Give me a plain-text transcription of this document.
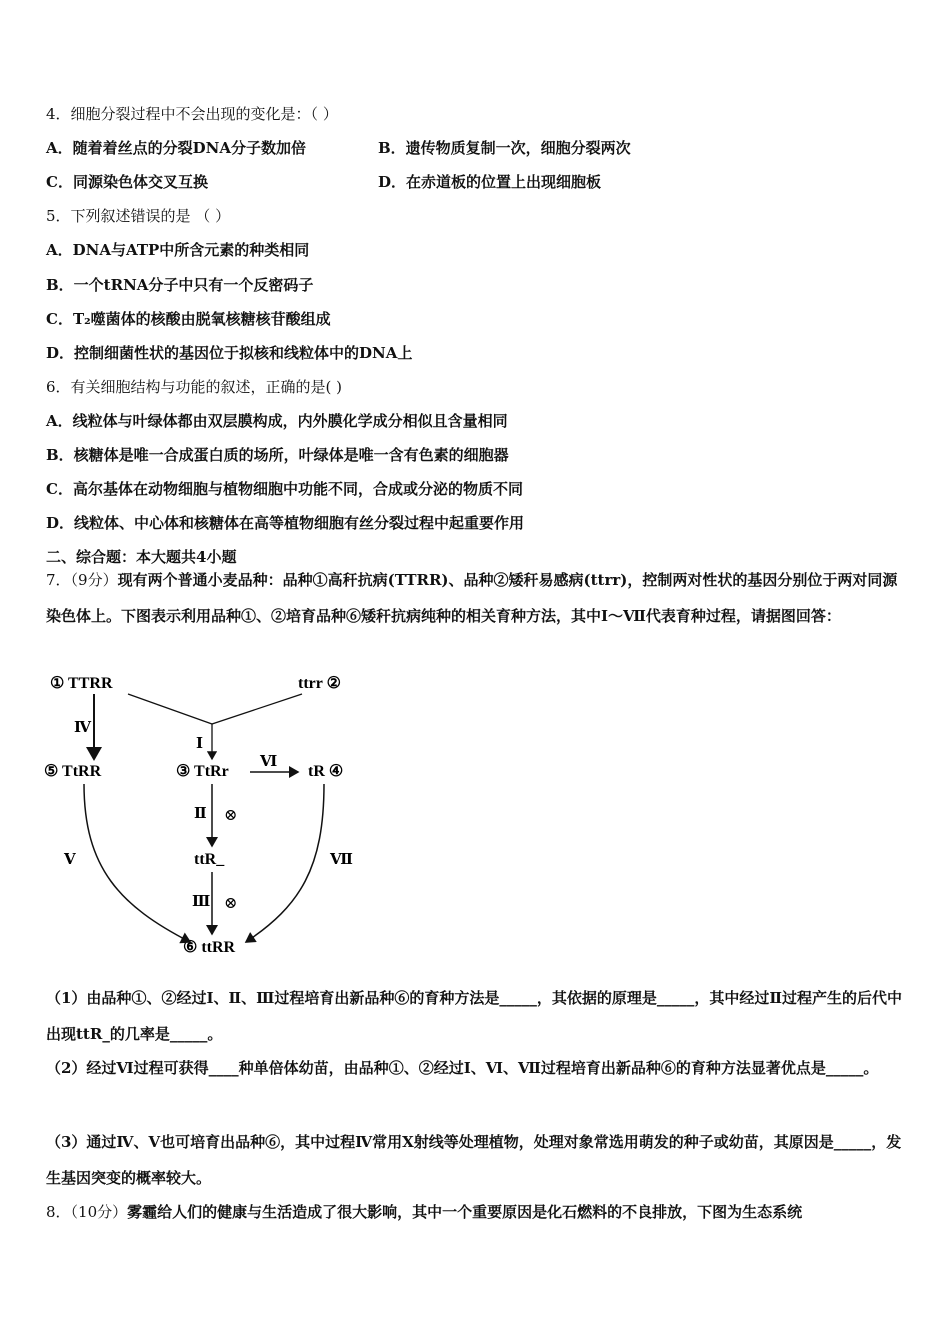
4．细胞分裂过程中不会出现的变化是：（ ）
A．随着着丝点的分裂DNA分子数加倍	B．遗传物质复制一次，细胞分裂两次
C．同源染色体交叉互换	D．在赤道板的位置上出现细胞板
5．下列叙述错误的是 （ ）
A．DNA与ATP中所含元素的种类相同
B．一个tRNA分子中只有一个反密码子
C．T₂噬菌体的核酸由脱氧核糖核苷酸组成
D．控制细菌性状的基因位于拟核和线粒体中的DNA上
6．有关细胞结构与功能的叙述，正确的是( )
A．线粒体与叶绿体都由双层膜构成，内外膜化学成分相似且含量相同
B．核糖体是唯一合成蛋白质的场所，叶绿体是唯一含有色素的细胞器
C．高尔基体在动物细胞与植物细胞中功能不同，合成或分泌的物质不同
D．线粒体、中心体和核糖体在高等植物细胞有丝分裂过程中起重要作用
二、综合题：本大题共4小题
7．（9分）现有两个普通小麦品种：品种①高秆抗病(TTRR)、品种②矮秆易感病(ttrr)，控制两对性状的基因分别位于两对同源染色体上。下图表示利用品种①、②培育品种⑥矮秆抗病纯种的相关育种方法，其中Ⅰ～Ⅶ代表育种过程，请据图回答：
① TTRR	ttrr ②
⑤ TtRR	③ TtRr	tR ④
ttR_
⑥ ttRR
Ⅰ
Ⅳ
Ⅵ
Ⅱ ⊗
Ⅲ ⊗
Ⅴ	Ⅶ
（1）由品种①、②经过Ⅰ、Ⅱ、Ⅲ过程培育出新品种⑥的育种方法是_____，其依据的原理是_____，其中经过Ⅱ过程产生的后代中出现ttR_的几率是_____。
（2）经过Ⅵ过程可获得____种单倍体幼苗，由品种①、②经过Ⅰ、Ⅵ、Ⅶ过程培育出新品种⑥的育种方法显著优点是_____。
（3）通过Ⅳ、Ⅴ也可培育出品种⑥，其中过程Ⅳ常用X射线等处理植物，处理对象常选用萌发的种子或幼苗，其原因是_____，发生基因突变的概率较大。
8．（10分）雾霾给人们的健康与生活造成了很大影响，其中一个重要原因是化石燃料的不良排放，下图为生态系统
